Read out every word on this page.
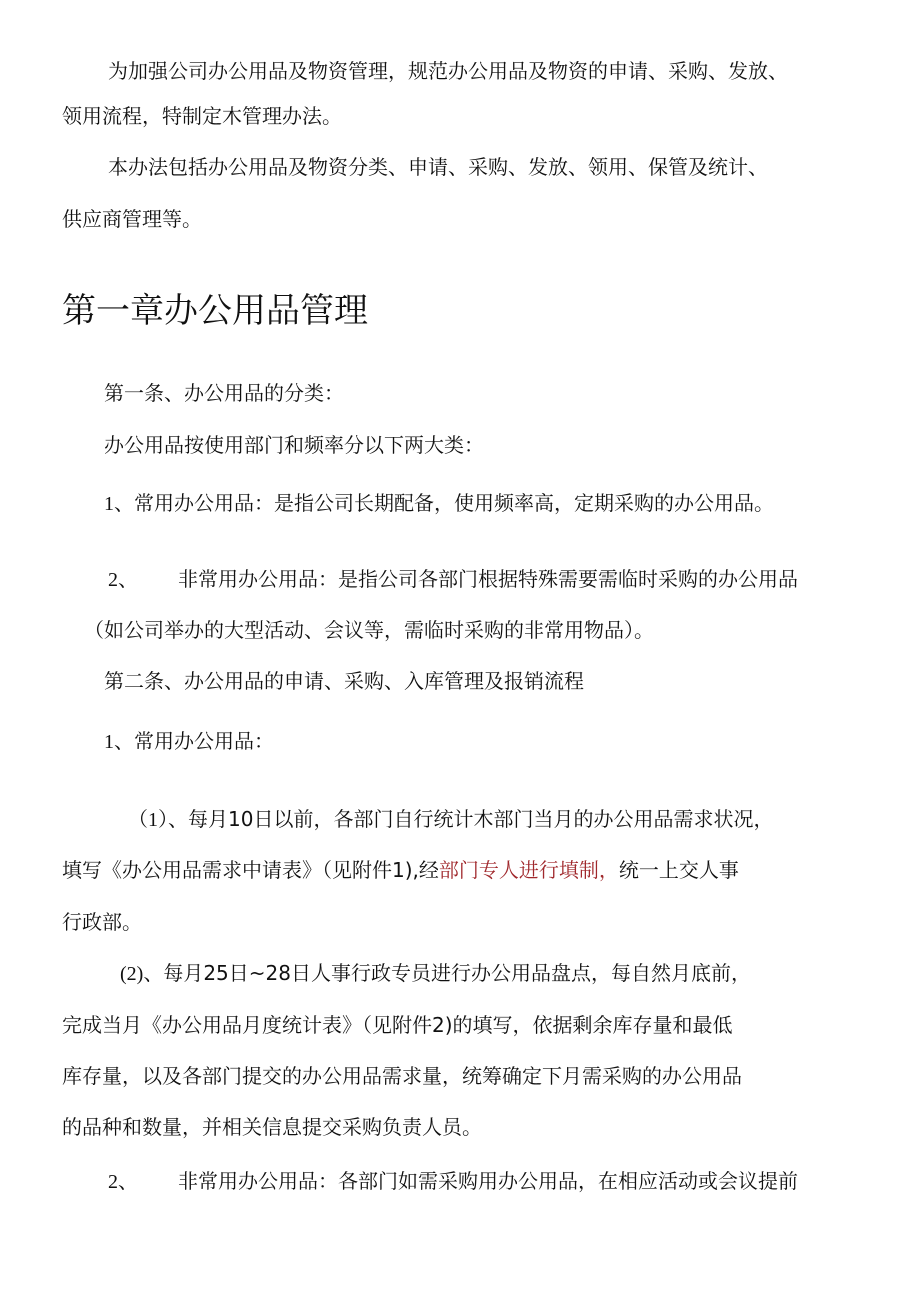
为加强公司办公用品及物资管理，规范办公用品及物资的申请、采购、发放、
领用流程，特制定木管理办法。
本办法包括办公用品及物资分类、申请、采购、发放、领用、保管及统计、
供应商管理等。
第一章办公用品管理
第一条、办公用品的分类：
办公用品按使用部门和频率分以下两大类：
1、常用办公用品：是指公司长期配备，使用频率高，定期采购的办公用品。
2、 非常用办公用品：是指公司各部门根据特殊需要需临时采购的办公用品
（如公司举办的大型活动、会议等，需临时采购的非常用物品）。
第二条、办公用品的申请、采购、入库管理及报销流程
1、常用办公用品：
（1）、每月10日以前，各部门自行统计木部门当月的办公用品需求状况，
填写《办公用品需求中请表》（见附件1),经部门专人进行填制，统一上交人事
行政部。
(2)、每月25日~28日人事行政专员进行办公用品盘点，每自然月底前，
完成当月《办公用品月度统计表》（见附件2)的填写，依据剩余库存量和最低
库存量，以及各部门提交的办公用品需求量，统筹确定下月需采购的办公用品
的品种和数量，并相关信息提交采购负责人员。
2、 非常用办公用品：各部门如需采购用办公用品，在相应活动或会议提前
